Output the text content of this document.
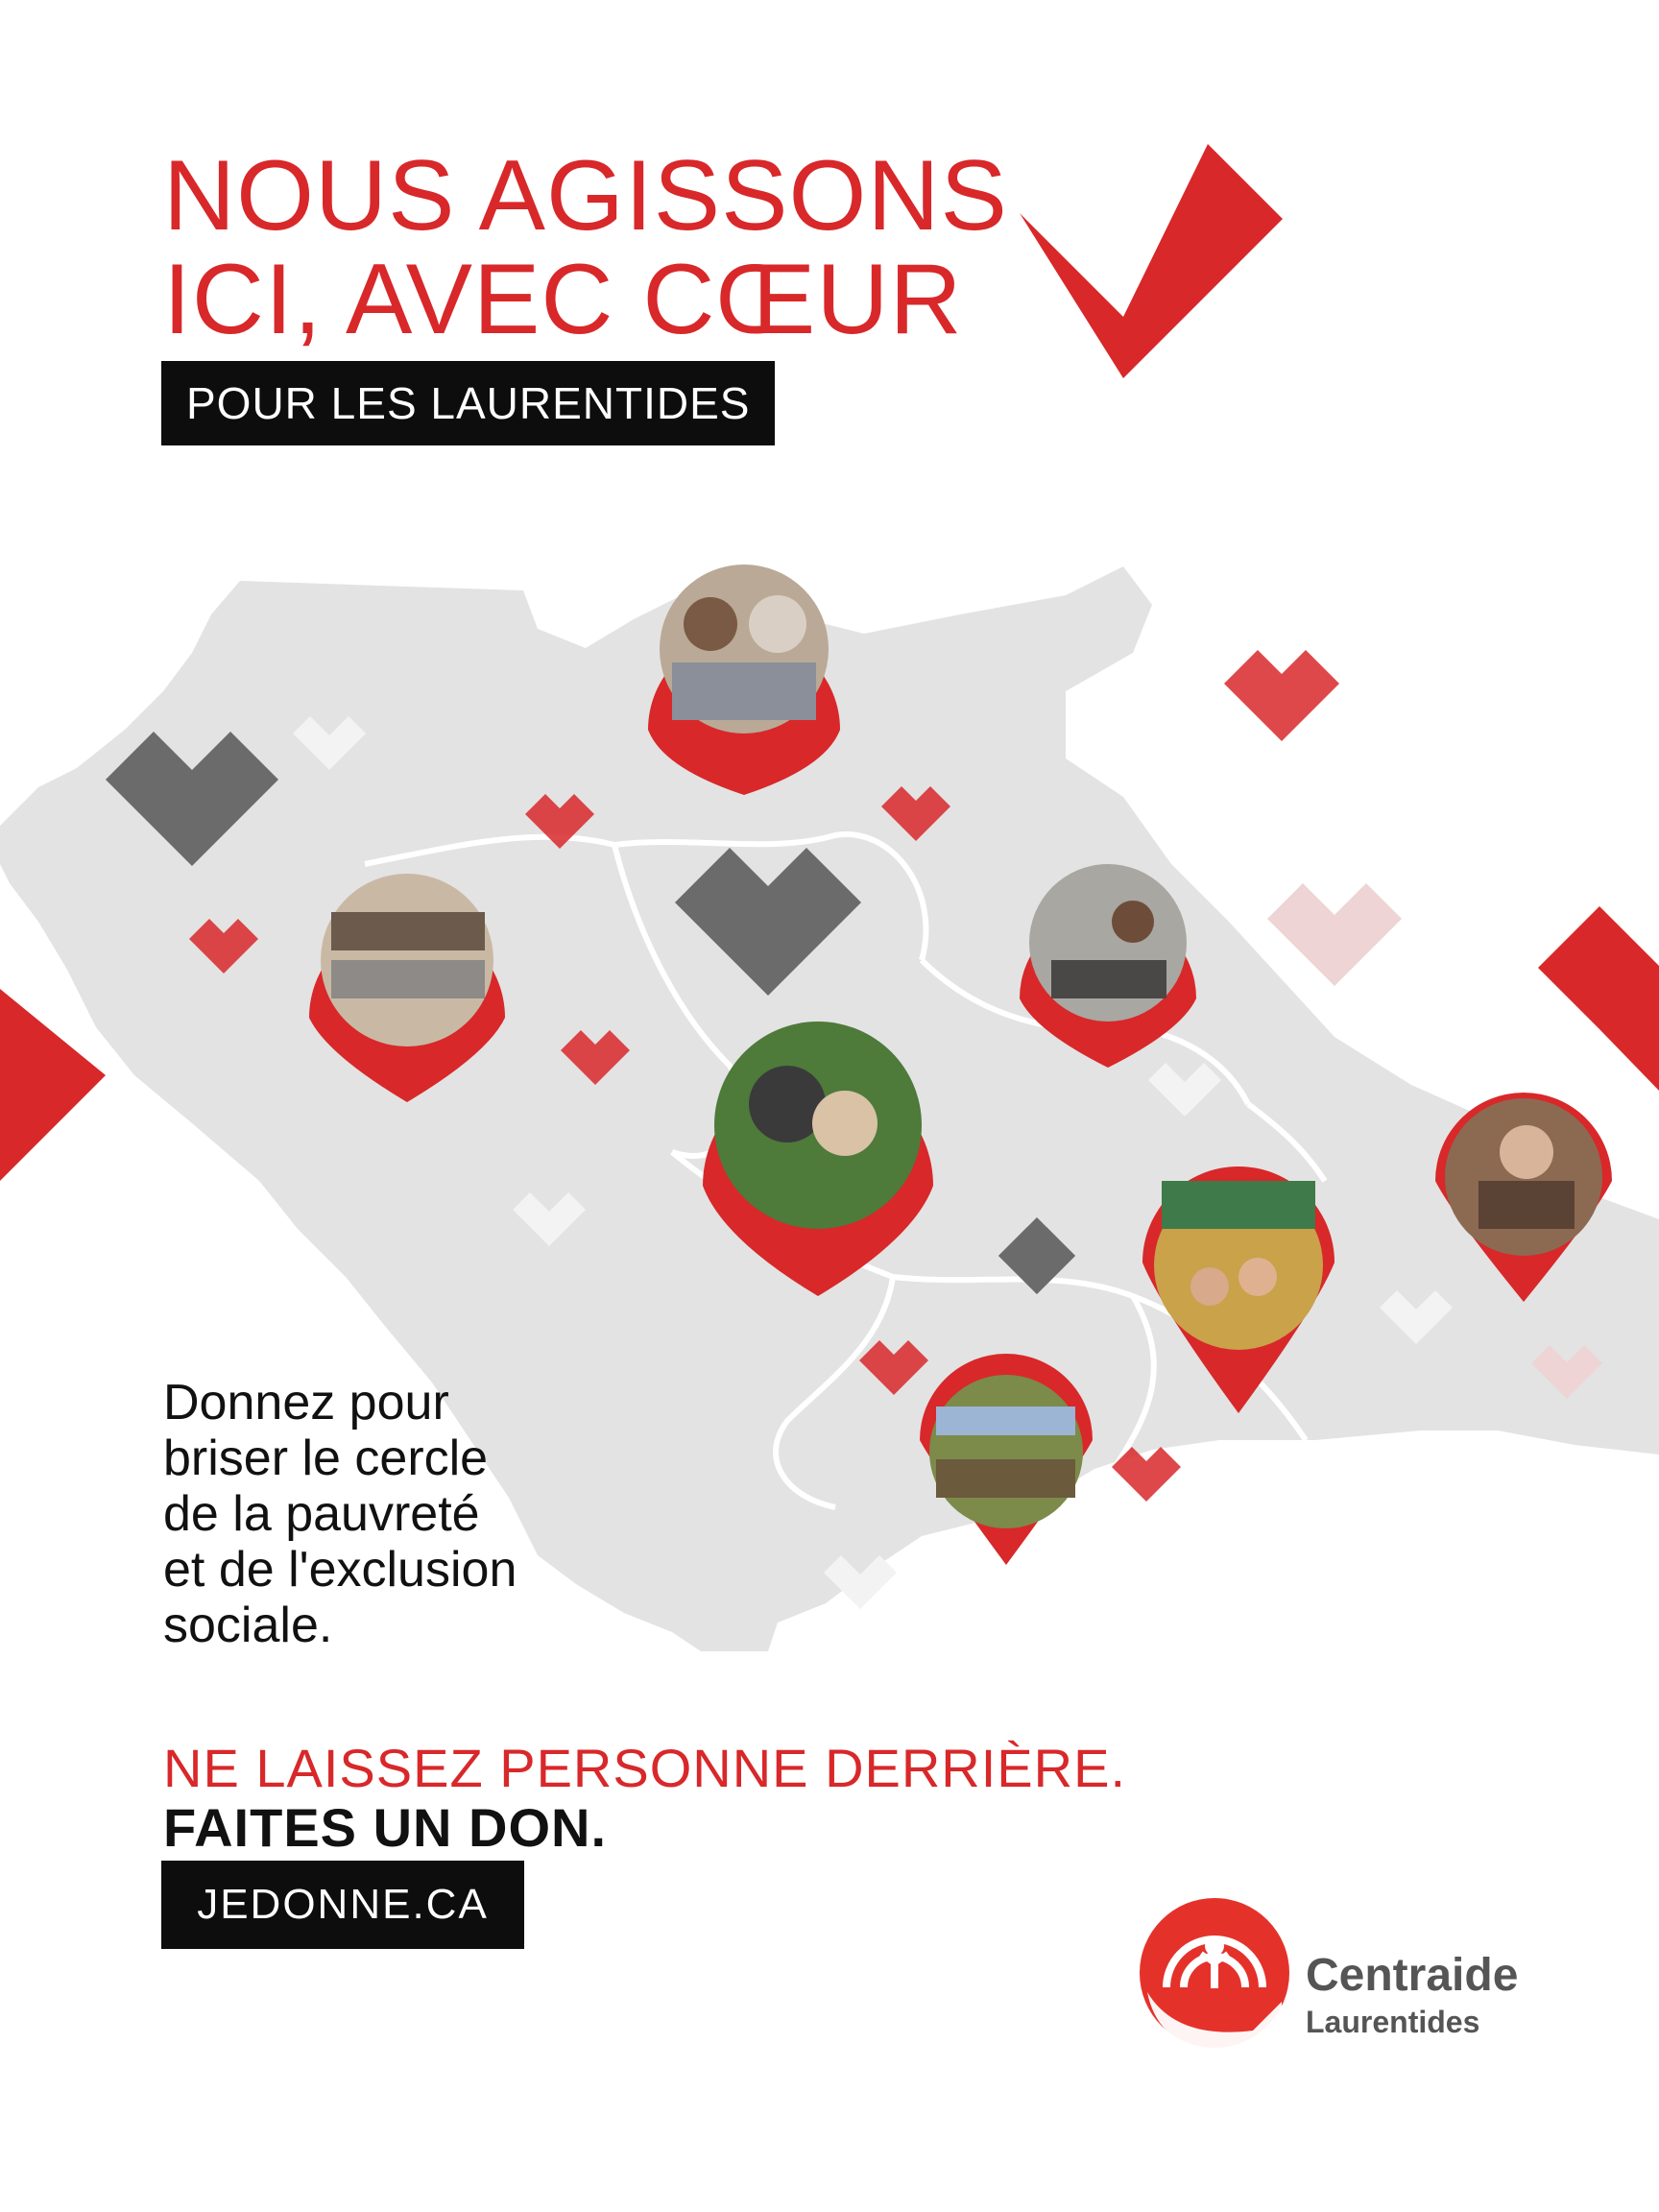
NOUS AGISSONS
ICI, AVEC CŒUR
POUR LES LAURENTIDES

Donnez pour
briser le cercle
de la pauvreté
et de l'exclusion
sociale.

NE LAISSEZ PERSONNE DERRIÈRE.

FAITES UN DON.

JEDONNE.CA
Centraide
Laurentides
